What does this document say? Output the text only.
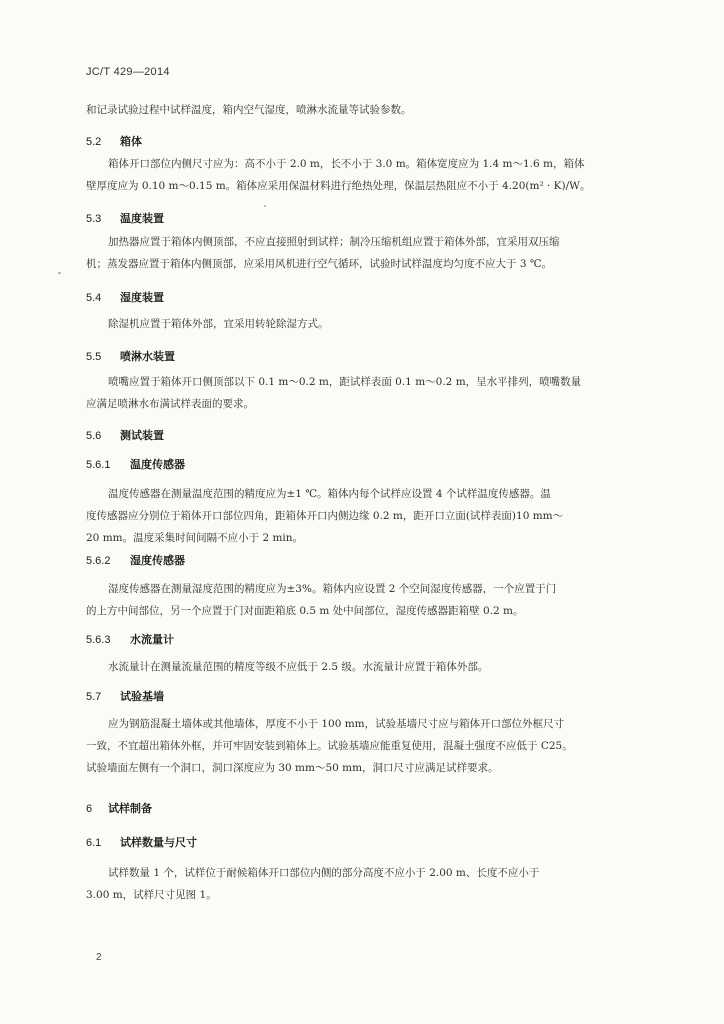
JC/T 429—2014

和记录试验过程中试样温度，箱内空气湿度，喷淋水流量等试验参数。

5.2 箱体

箱体开口部位内侧尺寸应为：高不小于 2.0 m，长不小于 3.0 m。箱体宽度应为 1.4 m～1.6 m，箱体
壁厚度应为 0.10 m～0.15 m。箱体应采用保温材料进行绝热处理，保温层热阻应不小于 4.20(m² · K)/W。

5.3 温度装置

加热器应置于箱体内侧顶部，不应直接照射到试样；制冷压缩机组应置于箱体外部，宜采用双压缩
机；蒸发器应置于箱体内侧顶部，应采用风机进行空气循环，试验时试样温度均匀度不应大于 3 ℃。

5.4 湿度装置

除湿机应置于箱体外部，宜采用转轮除湿方式。

5.5 喷淋水装置

喷嘴应置于箱体开口侧顶部以下 0.1 m～0.2 m，距试样表面 0.1 m～0.2 m，呈水平排列，喷嘴数量
应满足喷淋水布满试样表面的要求。

5.6 测试装置
5.6.1 温度传感器

温度传感器在测量温度范围的精度应为±1 ℃。箱体内每个试样应设置 4 个试样温度传感器。温
度传感器应分别位于箱体开口部位四角，距箱体开口内侧边缘 0.2 m，距开口立面(试样表面)10 mm～
20 mm。温度采集时间间隔不应小于 2 min。

5.6.2 湿度传感器

湿度传感器在测量湿度范围的精度应为±3%。箱体内应设置 2 个空间湿度传感器，一个应置于门
的上方中间部位，另一个应置于门对面距箱底 0.5 m 处中间部位，湿度传感器距箱壁 0.2 m。

5.6.3 水流量计

水流量计在测量流量范围的精度等级不应低于 2.5 级。水流量计应置于箱体外部。

5.7 试验基墙

应为钢筋混凝土墙体或其他墙体，厚度不小于 100 mm，试验基墙尺寸应与箱体开口部位外框尺寸
一致，不宜超出箱体外框，并可牢固安装到箱体上。试验基墙应能重复使用，混凝土强度不应低于 C25。
试验墙面左侧有一个洞口，洞口深度应为 30 mm～50 mm，洞口尺寸应满足试样要求。

6 试样制备
6.1 试样数量与尺寸

试样数量 1 个，试样位于耐候箱体开口部位内侧的部分高度不应小于 2.00 m、长度不应小于
3.00 m，试样尺寸见图 1。

2
